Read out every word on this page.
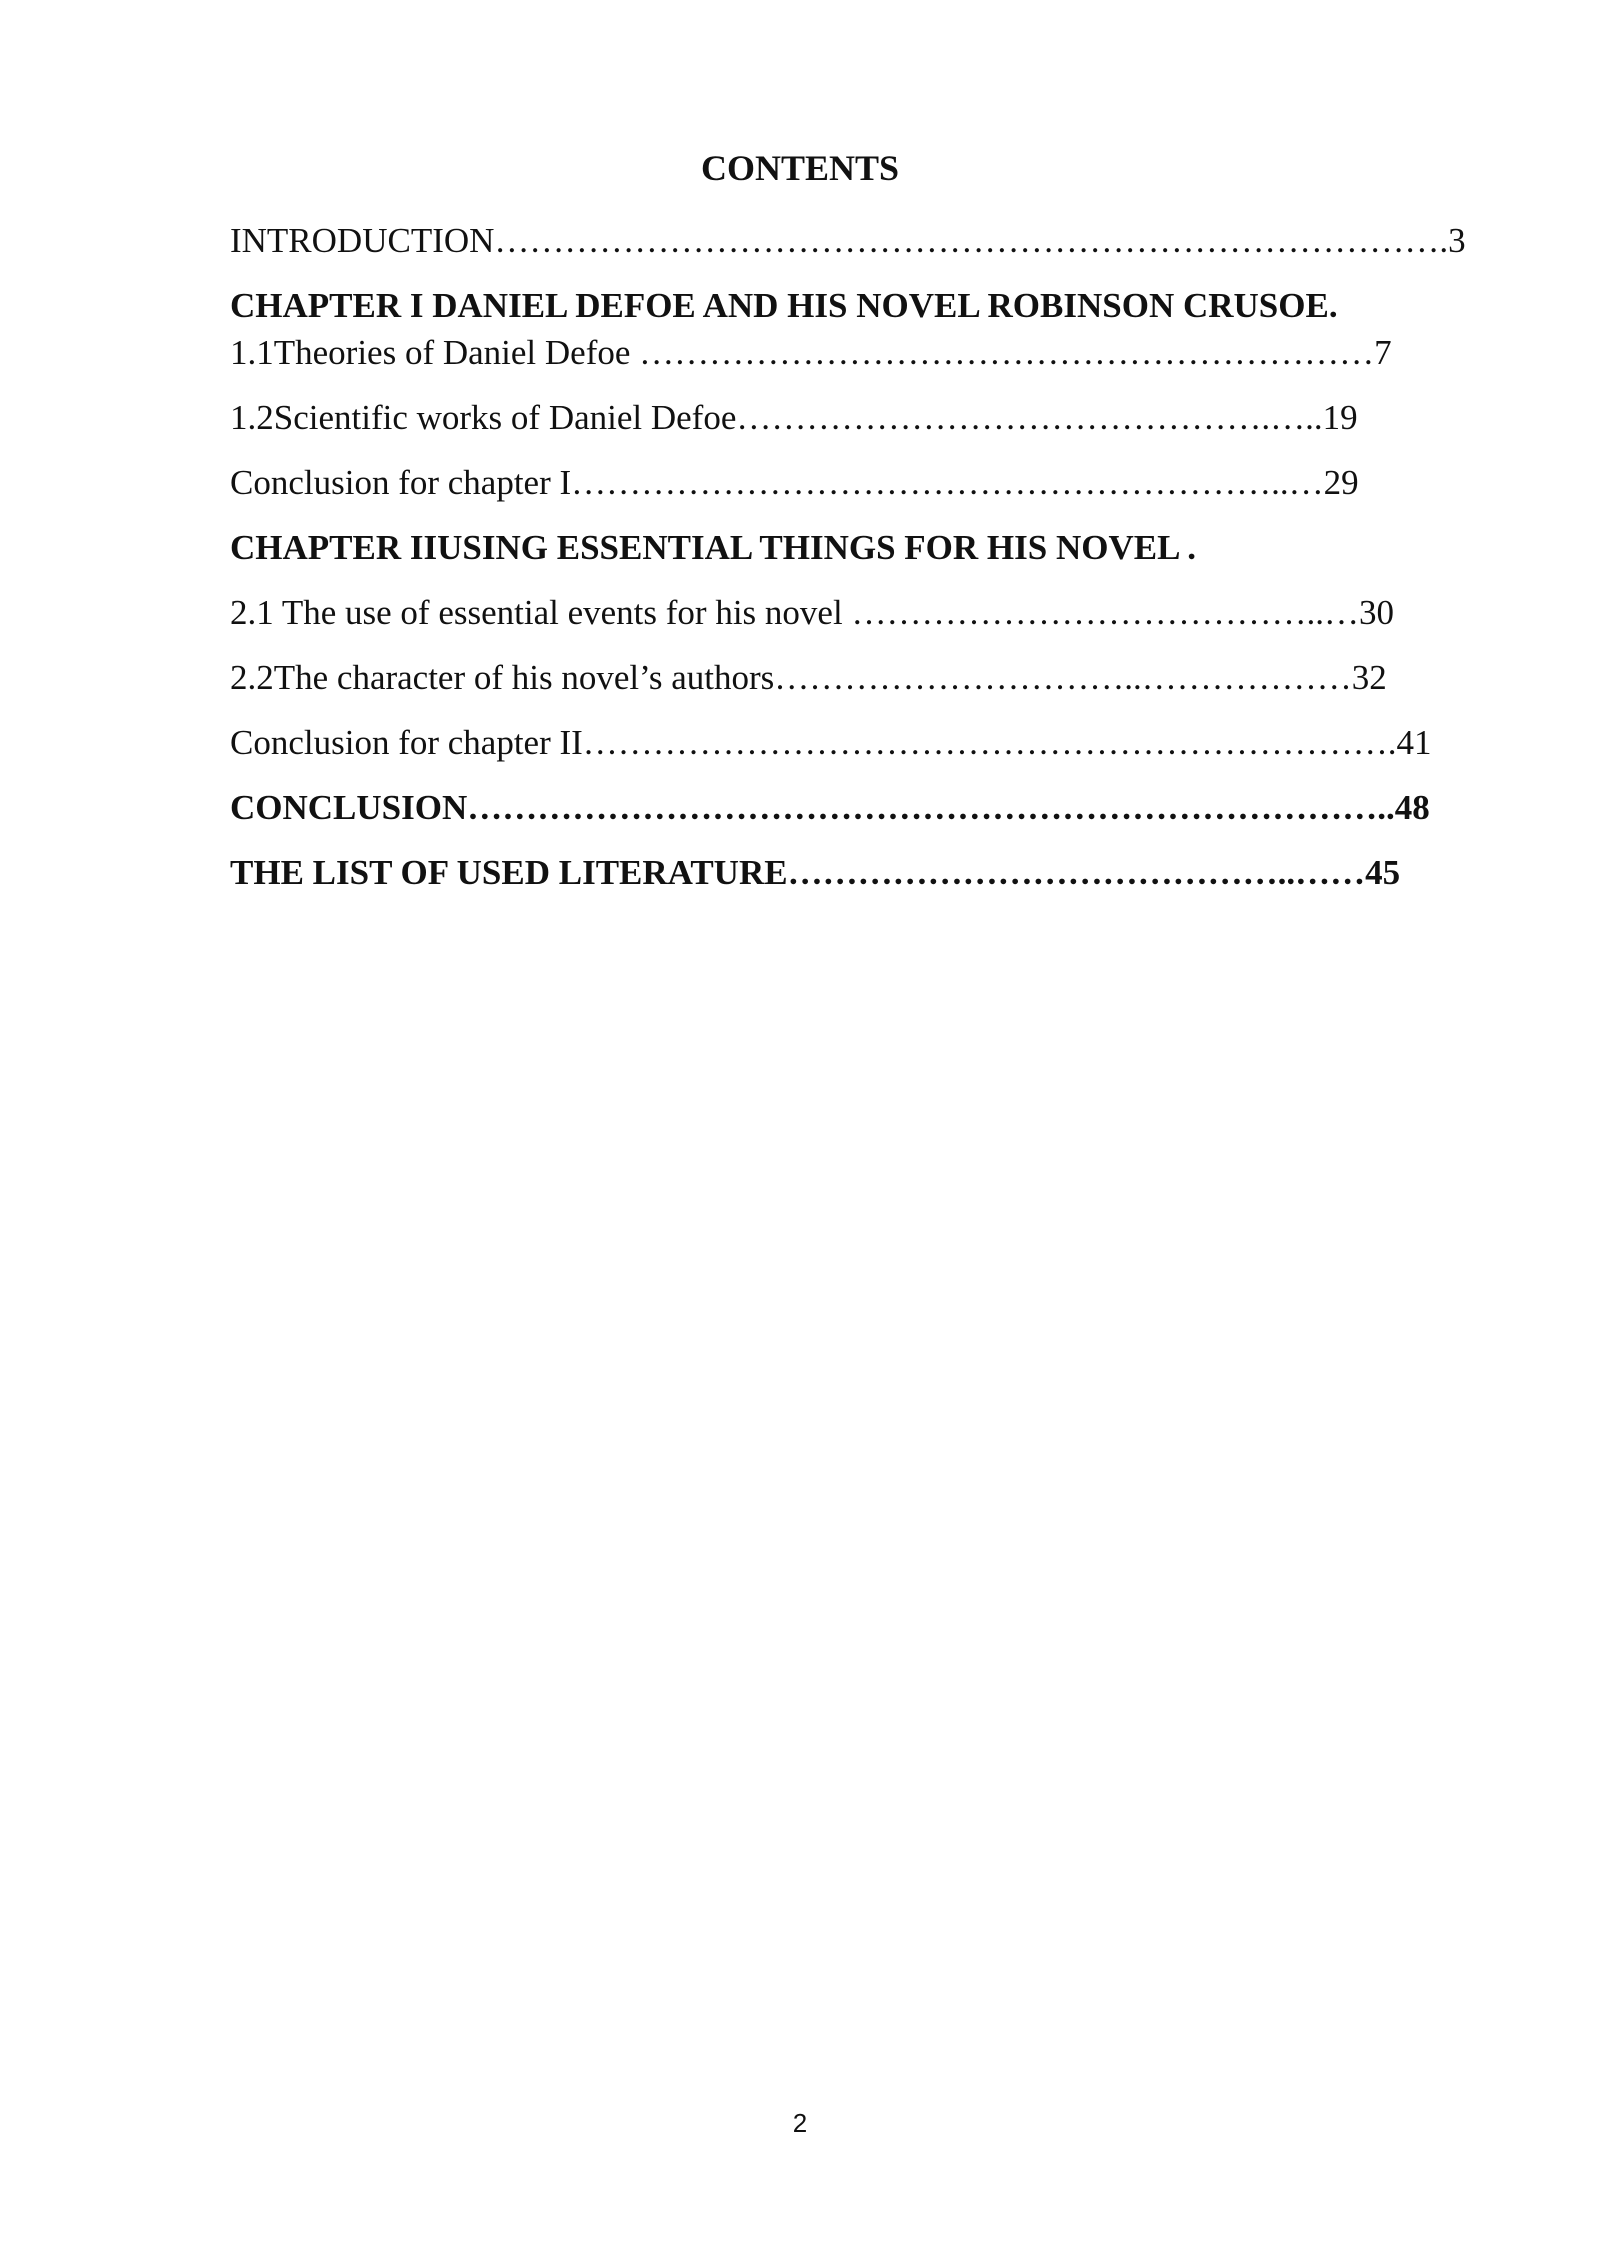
CONTENTS
INTRODUCTION……………………………………………………………………….3
CHAPTER I DANIEL DEFOE AND HIS NOVEL ROBINSON CRUSOE.
1.1Theories of Daniel Defoe ………………………………………………………7
1.2Scientific works of Daniel Defoe……………………………………….…..19
Conclusion for chapter I……………………………………………………..…29
CHAPTER IIUSING ESSENTIAL THINGS FOR HIS NOVEL .
2.1 The use of essential events for his novel …………………………………..…30
2.2The character of his novel’s authors…………………………..………………32
Conclusion for chapter II…………………………………………………………….41
CONCLUSION……………………………………………………………………..48
THE LIST OF USED LITERATURE……………………………………..……45
2
